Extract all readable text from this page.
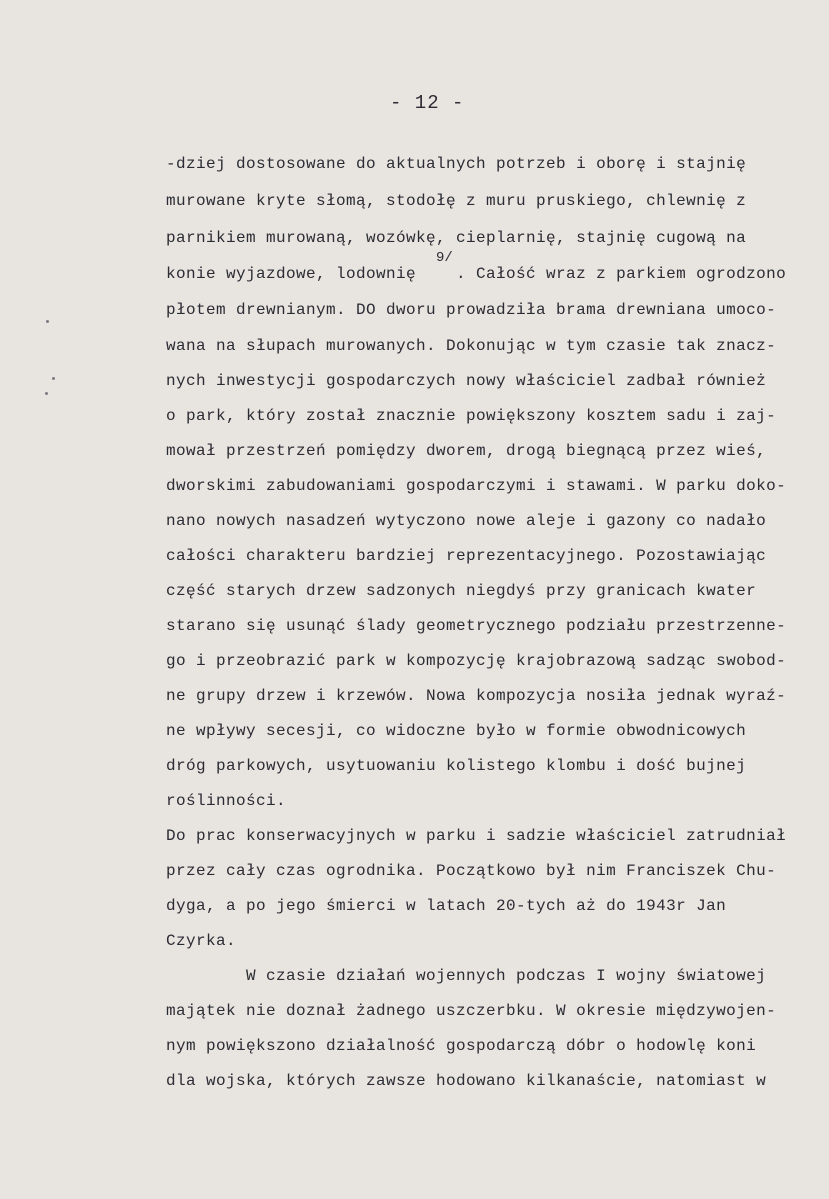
- 12 -
-dziej dostosowane do aktualnych potrzeb i oborę i stajnię
murowane kryte słomą, stodołę z muru pruskiego, chlewnię z
parnikiem murowaną, wozówkę, cieplarnię, stajnię cugową na
konie wyjazdowe, lodownię    . Całość wraz z parkiem ogrodzono
9/
płotem drewnianym. DO dworu prowadziła brama drewniana umoco-
wana na słupach murowanych. Dokonując w tym czasie tak znacz-
nych inwestycji gospodarczych nowy właściciel zadbał również
o park, który został znacznie powiększony kosztem sadu i zaj-
mował przestrzeń pomiędzy dworem, drogą biegnącą przez wieś,
dworskimi zabudowaniami gospodarczymi i stawami. W parku doko-
nano nowych nasadzeń wytyczono nowe aleje i gazony co nadało
całości charakteru bardziej reprezentacyjnego. Pozostawiając
część starych drzew sadzonych niegdyś przy granicach kwater
starano się usunąć ślady geometrycznego podziału przestrzenne-
go i przeobrazić park w kompozycję krajobrazową sadząc swobod-
ne grupy drzew i krzewów. Nowa kompozycja nosiła jednak wyraź-
ne wpływy secesji, co widoczne było w formie obwodnicowych
dróg parkowych, usytuowaniu kolistego klombu i dość bujnej
roślinności.
Do prac konserwacyjnych w parku i sadzie właściciel zatrudniał
przez cały czas ogrodnika. Początkowo był nim Franciszek Chu-
dyga, a po jego śmierci w latach 20-tych aż do 1943r Jan
Czyrka.
W czasie działań wojennych podczas I wojny światowej
majątek nie doznał żadnego uszczerbku. W okresie międzywojen-
nym powiększono działalność gospodarczą dóbr o hodowlę koni
dla wojska, których zawsze hodowano kilkanaście, natomiast w
